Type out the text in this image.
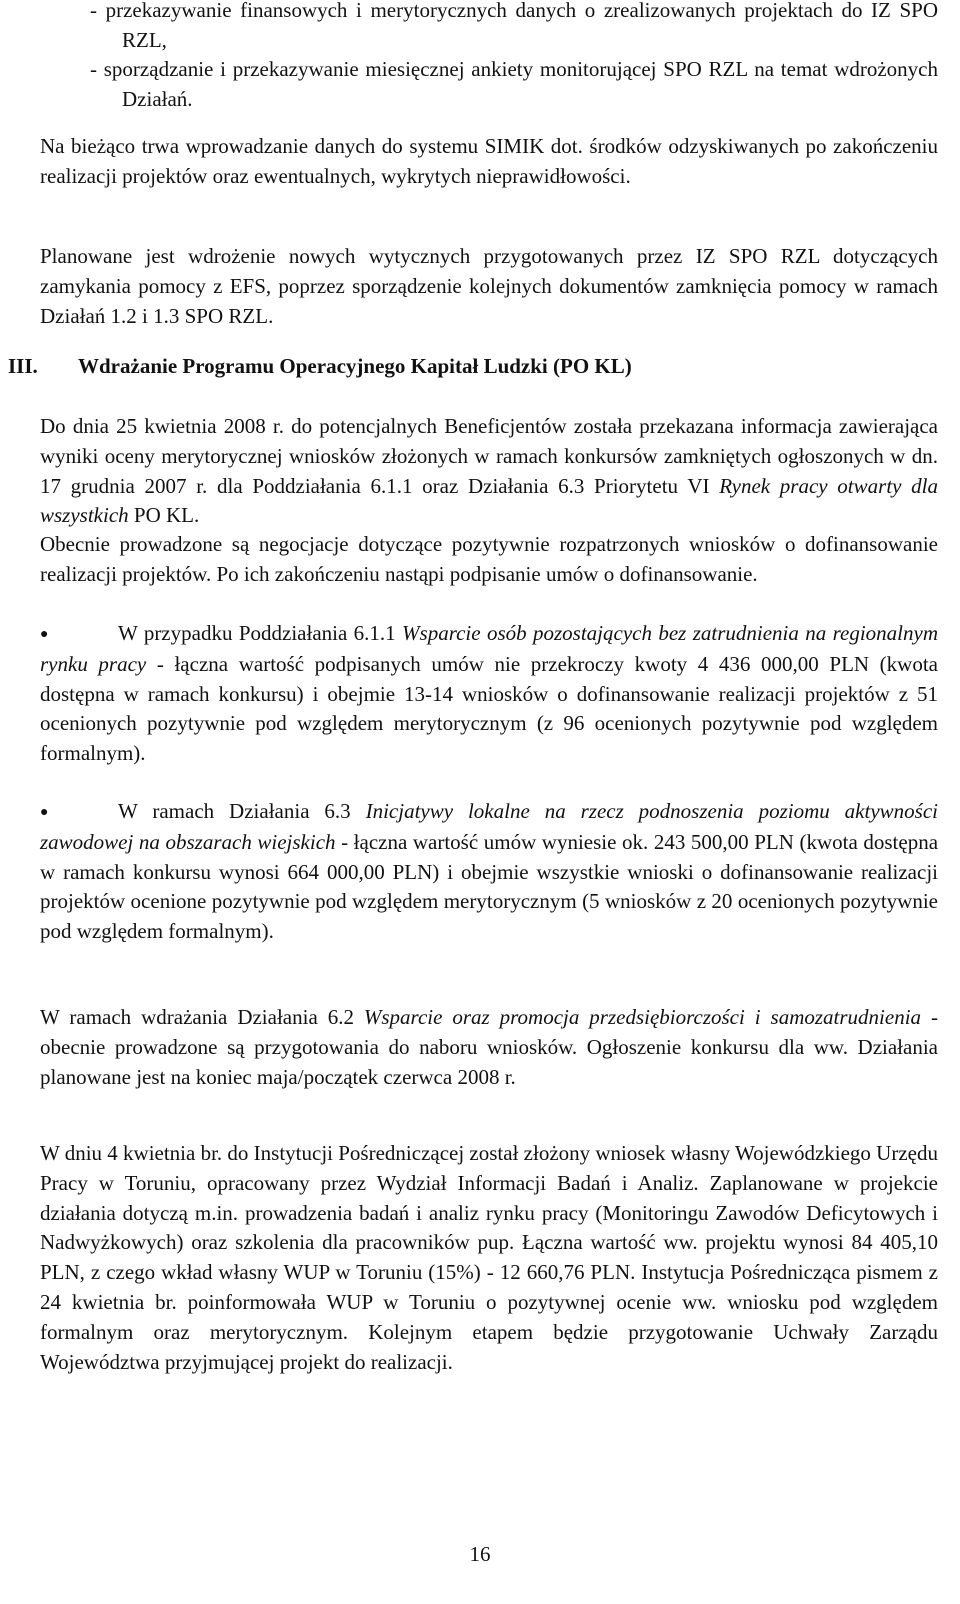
- przekazywanie finansowych i merytorycznych danych o zrealizowanych projektach do IZ SPO RZL,
- sporządzanie i przekazywanie miesięcznej ankiety monitorującej SPO RZL na temat wdrożonych Działań.
Na bieżąco trwa wprowadzanie danych do systemu SIMIK dot. środków odzyskiwanych po zakończeniu realizacji projektów oraz ewentualnych, wykrytych nieprawidłowości.
Planowane jest wdrożenie nowych wytycznych przygotowanych przez IZ SPO RZL dotyczących zamykania pomocy z EFS, poprzez sporządzenie kolejnych dokumentów zamknięcia pomocy w ramach Działań 1.2 i 1.3 SPO RZL.
III. Wdrażanie Programu Operacyjnego Kapitał Ludzki (PO KL)
Do dnia 25 kwietnia 2008 r. do potencjalnych Beneficjentów została przekazana informacja zawierająca wyniki oceny merytorycznej wniosków złożonych w ramach konkursów zamkniętych ogłoszonych w dn. 17 grudnia 2007 r. dla Poddziałania 6.1.1 oraz Działania 6.3 Priorytetu VI Rynek pracy otwarty dla wszystkich PO KL.
Obecnie prowadzone są negocjacje dotyczące pozytywnie rozpatrzonych wniosków o dofinansowanie realizacji projektów. Po ich zakończeniu nastąpi podpisanie umów o dofinansowanie.
●	W przypadku Poddziałania 6.1.1 Wsparcie osób pozostających bez zatrudnienia na regionalnym rynku pracy - łączna wartość podpisanych umów nie przekroczy kwoty 4 436 000,00 PLN (kwota dostępna w ramach konkursu) i obejmie 13-14 wniosków o dofinansowanie realizacji projektów z 51 ocenionych pozytywnie pod względem merytorycznym (z 96 ocenionych pozytywnie pod względem formalnym).
●	W ramach Działania 6.3 Inicjatywy lokalne na rzecz podnoszenia poziomu aktywności zawodowej na obszarach wiejskich - łączna wartość umów wyniesie ok. 243 500,00 PLN (kwota dostępna w ramach konkursu wynosi 664 000,00 PLN) i obejmie wszystkie wnioski o dofinansowanie realizacji projektów ocenione pozytywnie pod względem merytorycznym (5 wniosków z 20 ocenionych pozytywnie pod względem formalnym).
W ramach wdrażania Działania 6.2 Wsparcie oraz promocja przedsiębiorczości i samozatrudnienia - obecnie prowadzone są przygotowania do naboru wniosków. Ogłoszenie konkursu dla ww. Działania planowane jest na koniec maja/początek czerwca 2008 r.
W dniu 4 kwietnia br. do Instytucji Pośredniczącej został złożony wniosek własny Wojewódzkiego Urzędu Pracy w Toruniu, opracowany przez Wydział Informacji Badań i Analiz. Zaplanowane w projekcie działania dotyczą m.in. prowadzenia badań i analiz rynku pracy (Monitoringu Zawodów Deficytowych i Nadwyżkowych) oraz szkolenia dla pracowników pup. Łączna wartość ww. projektu wynosi 84 405,10 PLN, z czego wkład własny WUP w Toruniu (15%) - 12 660,76 PLN. Instytucja Pośrednicząca pismem z 24 kwietnia br. poinformowała WUP w Toruniu o pozytywnej ocenie ww. wniosku pod względem formalnym oraz merytorycznym. Kolejnym etapem będzie przygotowanie Uchwały Zarządu Województwa przyjmującej projekt do realizacji.
16
